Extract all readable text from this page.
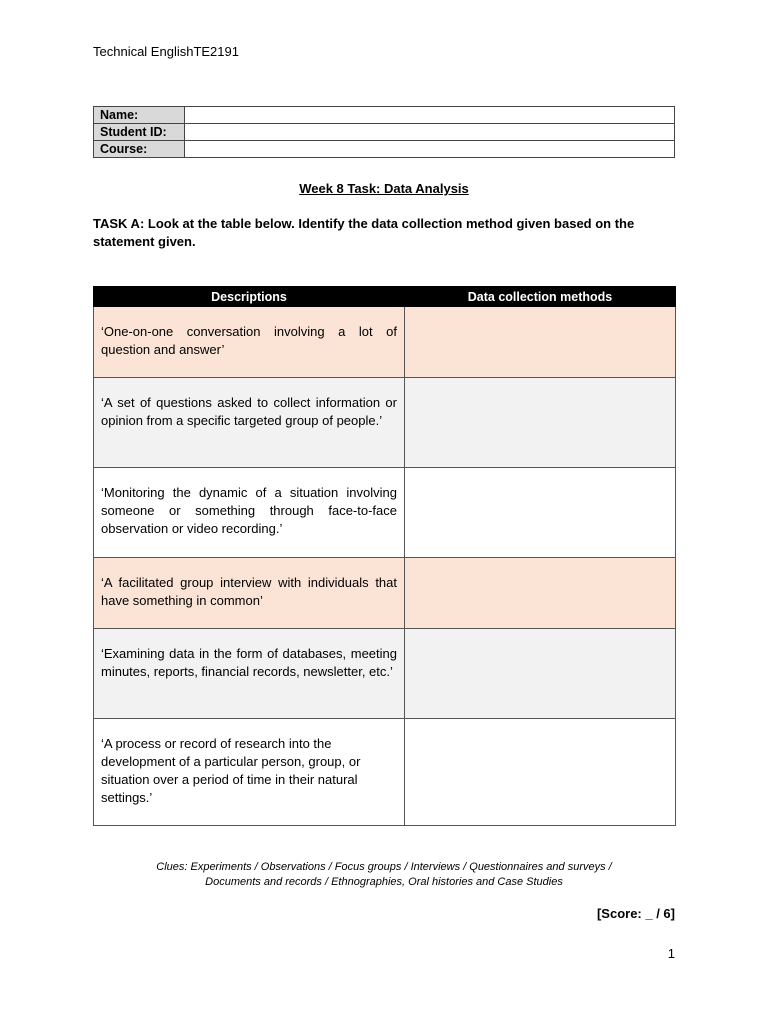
Technical EnglishTE2191
Name:	
Student ID:	
Course:	
Week 8 Task: Data Analysis
TASK A: Look at the table below. Identify the data collection method given based on the statement given.
Descriptions	Data collection methods
‘One-on-one conversation involving a lot of question and answer’	
‘A set of questions asked to collect information or opinion from a specific targeted group of people.’	
‘Monitoring the dynamic of a situation involving someone or something through face-to-face observation or video recording.’	
‘A facilitated group interview with individuals that have something in common’	
‘Examining data in the form of databases, meeting minutes, reports, financial records, newsletter, etc.’	
‘A process or record of research into the development of a particular person, group, or situation over a period of time in their natural settings.’	
Clues: Experiments / Observations / Focus groups / Interviews / Questionnaires and surveys /
Documents and records / Ethnographies, Oral histories and Case Studies
[Score: _ / 6]
1
